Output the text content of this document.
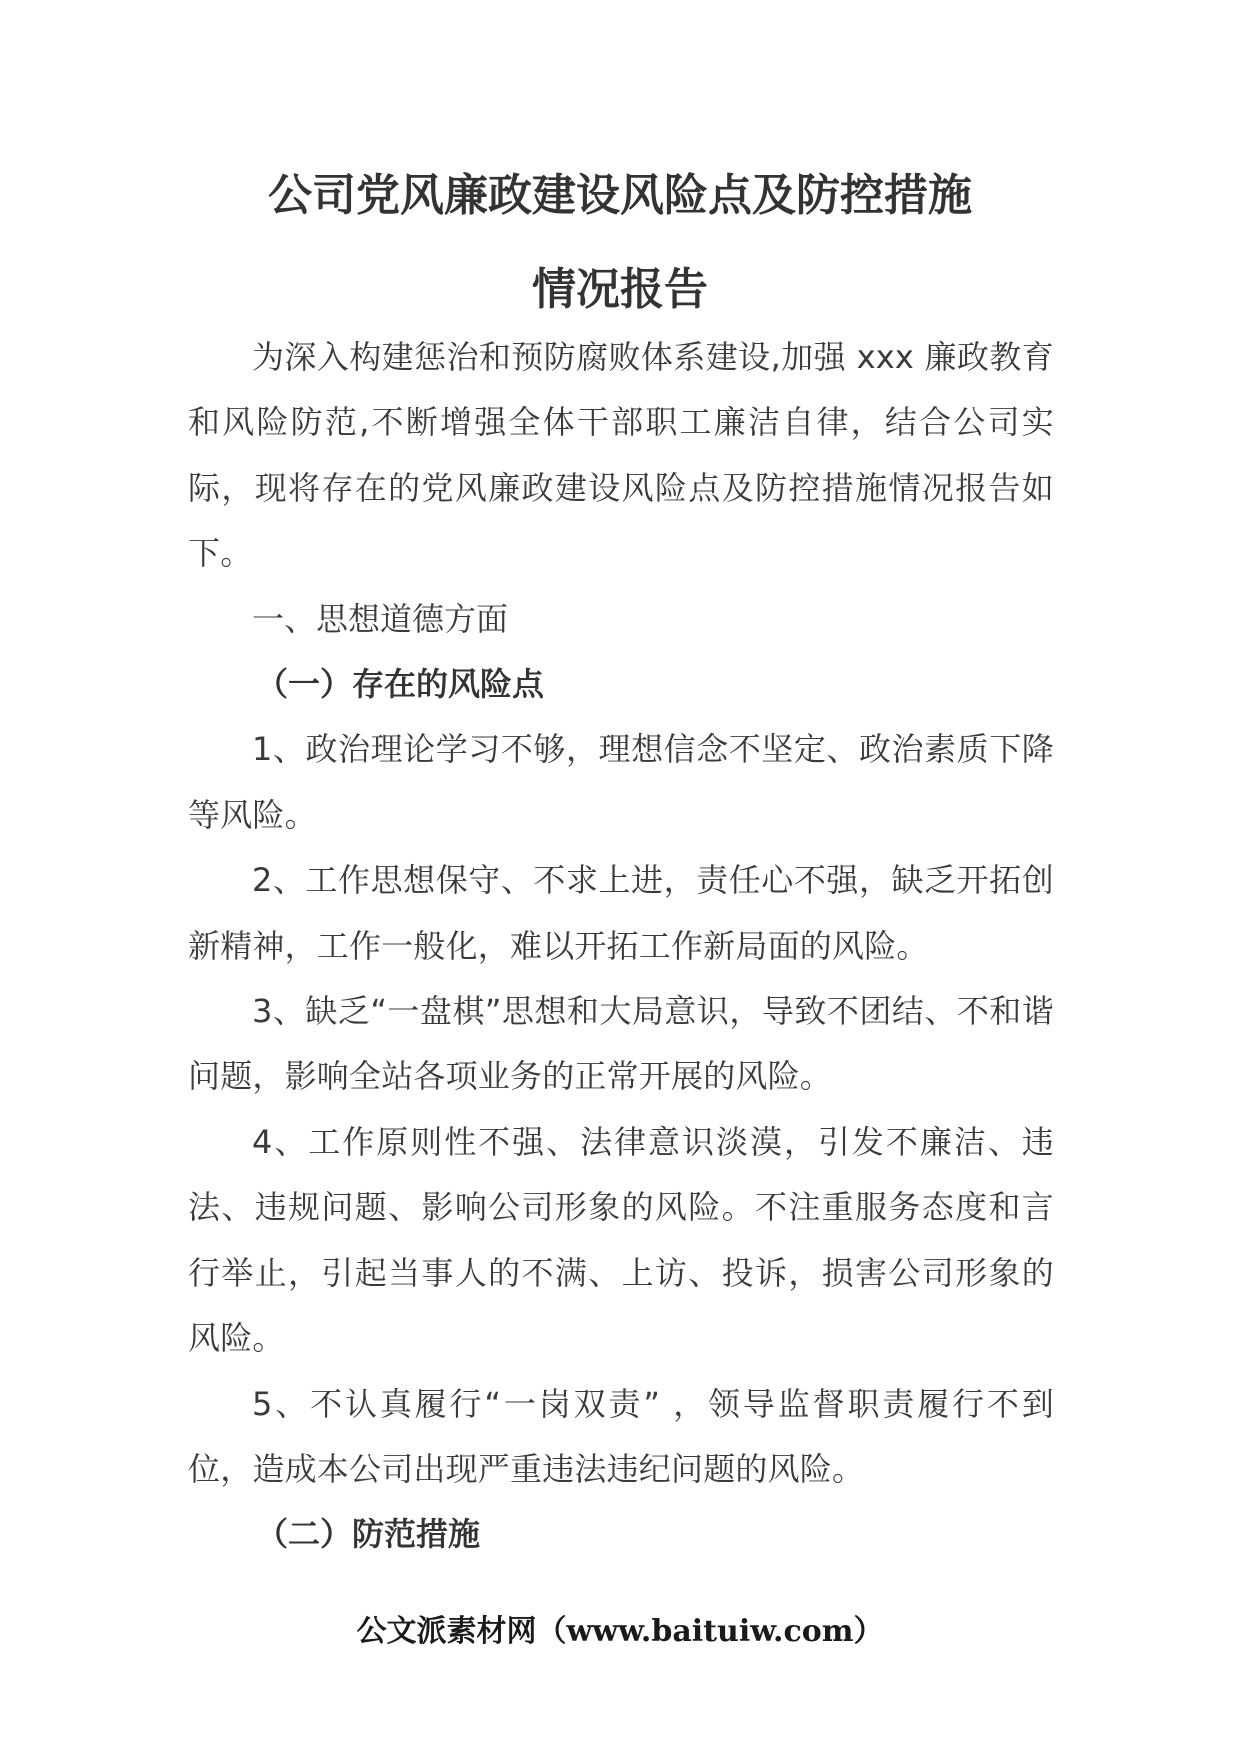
公司党风廉政建设风险点及防控措施
情况报告

为深入构建惩治和预防腐败体系建设,加强 xxx 廉政教育和风险防范,不断增强全体干部职工廉洁自律，结合公司实际，现将存在的党风廉政建设风险点及防控措施情况报告如下。

一、思想道德方面

（一）存在的风险点

1、政治理论学习不够，理想信念不坚定、政治素质下降等风险。

2、工作思想保守、不求上进，责任心不强，缺乏开拓创新精神，工作一般化，难以开拓工作新局面的风险。

3、缺乏“一盘棋”思想和大局意识，导致不团结、不和谐问题，影响全站各项业务的正常开展的风险。

4、工作原则性不强、法律意识淡漠，引发不廉洁、违法、违规问题、影响公司形象的风险。不注重服务态度和言行举止，引起当事人的不满、上访、投诉，损害公司形象的风险。

5、不认真履行“一岗双责” ，领导监督职责履行不到位，造成本公司出现严重违法违纪问题的风险。

（二）防范措施

公文派素材网（www.baituiw.com）
